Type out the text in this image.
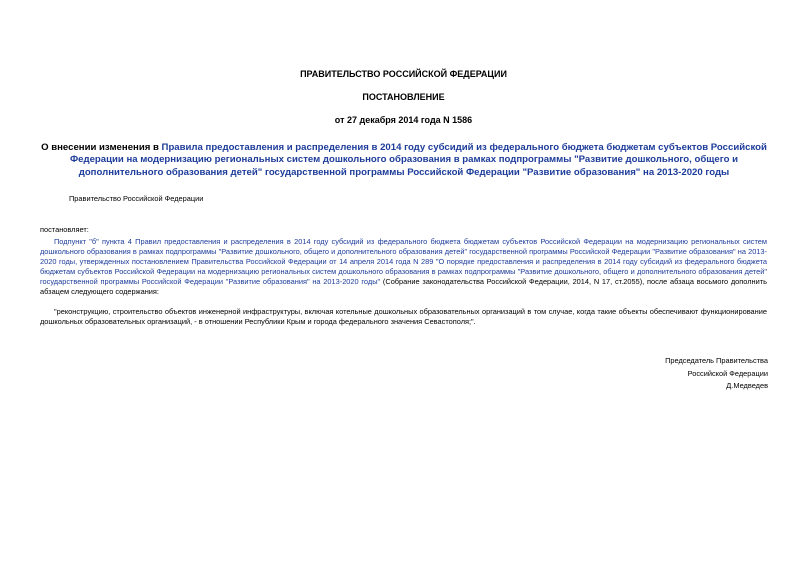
ПРАВИТЕЛЬСТВО РОССИЙСКОЙ ФЕДЕРАЦИИ
ПОСТАНОВЛЕНИЕ
от 27 декабря 2014 года N 1586
О внесении изменения в Правила предоставления и распределения в 2014 году субсидий из федерального бюджета бюджетам субъектов Российской Федерации на модернизацию региональных систем дошкольного образования в рамках подпрограммы "Развитие дошкольного, общего и дополнительного образования детей" государственной программы Российской Федерации "Развитие образования" на 2013-2020 годы
Правительство Российской Федерации
постановляет:
Подпункт "б" пункта 4 Правил предоставления и распределения в 2014 году субсидий из федерального бюджета бюджетам субъектов Российской Федерации на модернизацию региональных систем дошкольного образования в рамках подпрограммы "Развитие дошкольного, общего и дополнительного образования детей" государственной программы Российской Федерации "Развитие образования" на 2013-2020 годы, утвержденных постановлением Правительства Российской Федерации от 14 апреля 2014 года N 289 "О порядке предоставления и распределения в 2014 году субсидий из федерального бюджета бюджетам субъектов Российской Федерации на модернизацию региональных систем дошкольного образования в рамках подпрограммы "Развитие дошкольного, общего и дополнительного образования детей" государственной программы Российской Федерации "Развитие образования" на 2013-2020 годы" (Собрание законодательства Российской Федерации, 2014, N 17, ст.2055), после абзаца восьмого дополнить абзацем следующего содержания:
"реконструкцию, строительство объектов инженерной инфраструктуры, включая котельные дошкольных образовательных организаций в том случае, когда такие объекты обеспечивают функционирование дошкольных образовательных организаций, - в отношении Республики Крым и города федерального значения Севастополя;".
Председатель Правительства
Российской Федерации
Д.Медведев
